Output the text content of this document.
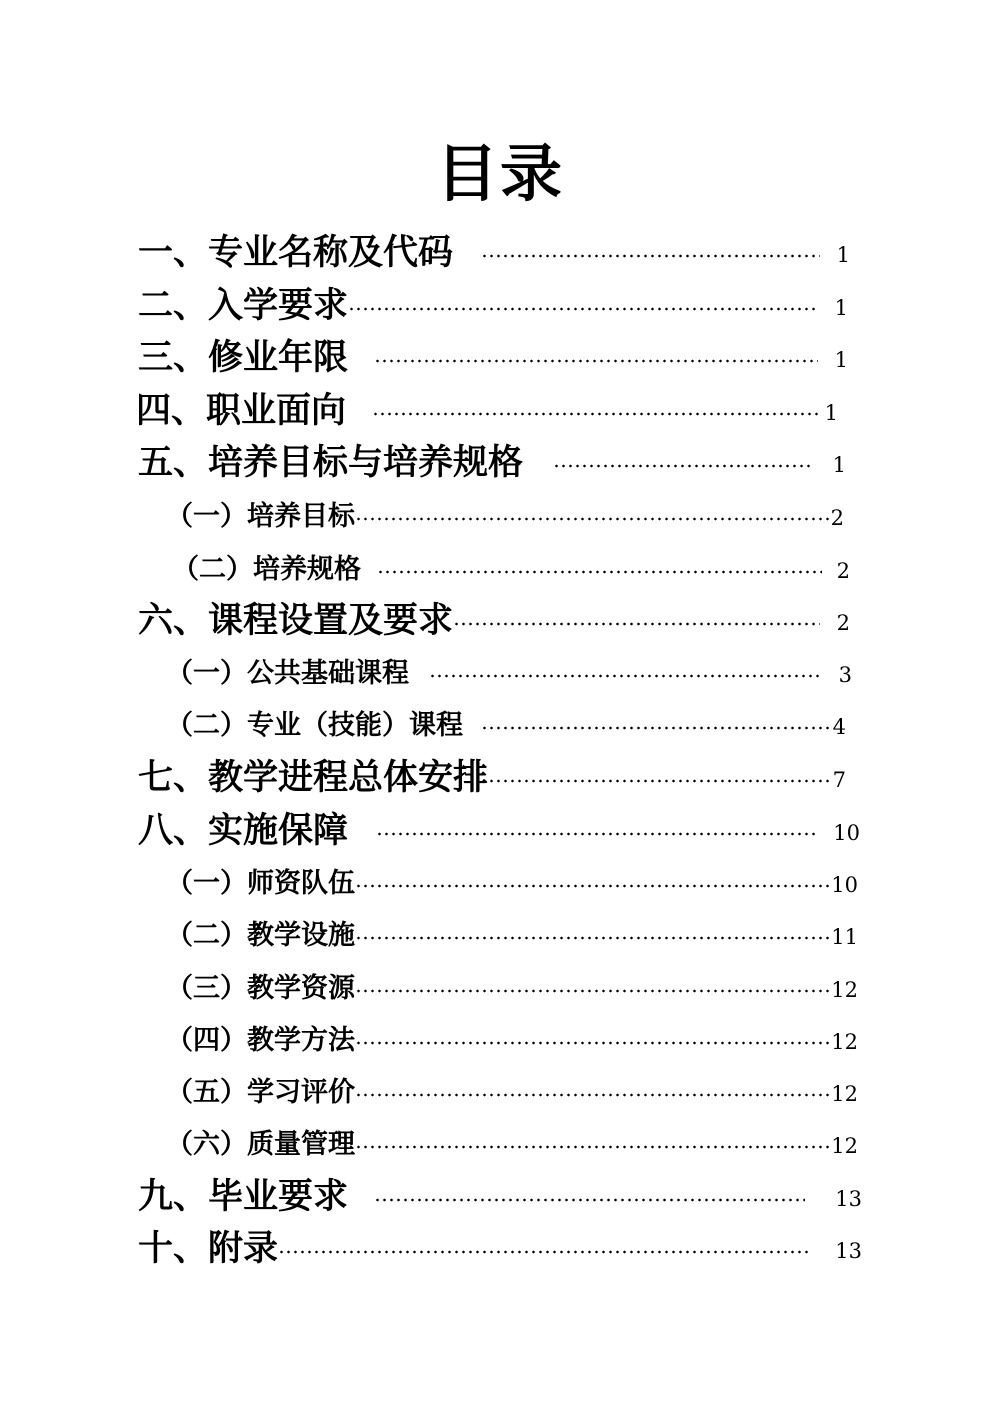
目录
一、专业名称及代码	1
二、入学要求	1
三、修业年限	1
四、职业面向	1
五、培养目标与培养规格	1
（一）培养目标	2
（二）培养规格	2
六、课程设置及要求	2
（一）公共基础课程	3
（二）专业（技能）课程	4
七、教学进程总体安排	7
八、实施保障	10
（一）师资队伍	10
（二）教学设施	11
（三）教学资源	12
（四）教学方法	12
（五）学习评价	12
（六）质量管理	12
九、毕业要求	13
十、附录	13
